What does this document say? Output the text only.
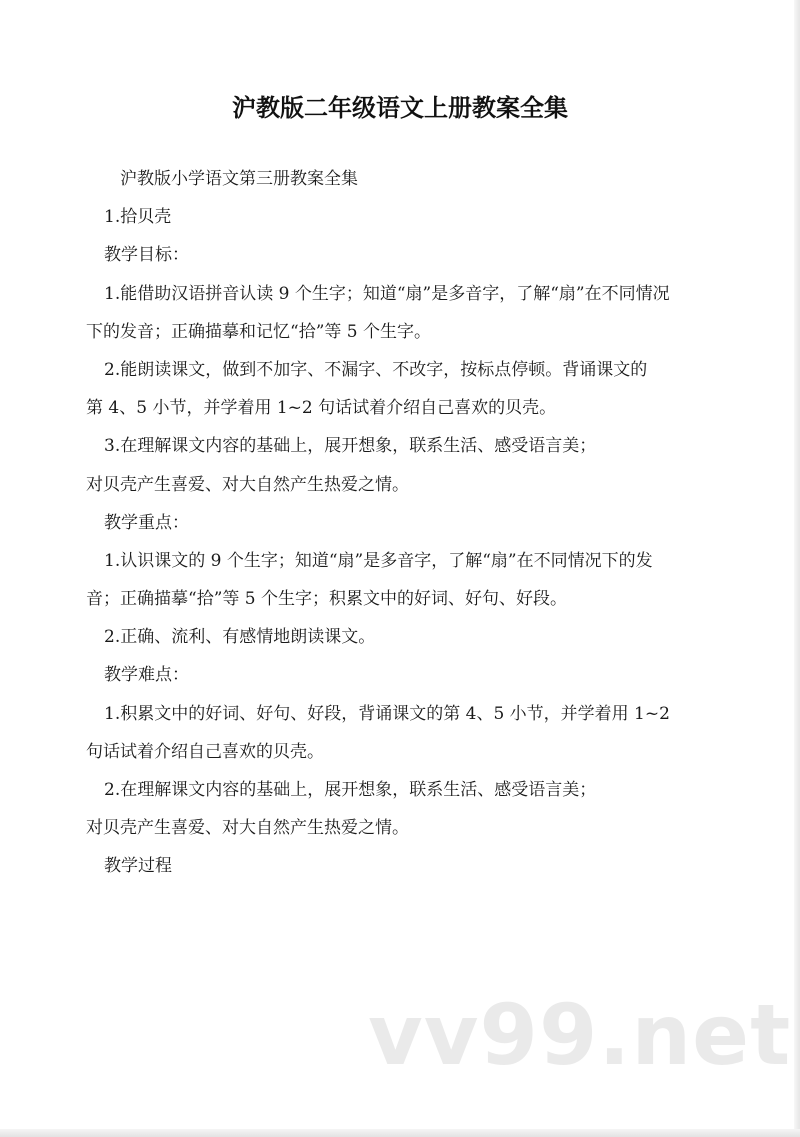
沪教版二年级语文上册教案全集
沪教版小学语文第三册教案全集
1.拾贝壳
教学目标：
1.能借助汉语拼音认读 9 个生字；知道“扇”是多音字，了解“扇”在不同情况
下的发音；正确描摹和记忆“拾”等 5 个生字。
2.能朗读课文，做到不加字、不漏字、不改字，按标点停顿。背诵课文的
第 4、5 小节，并学着用 1~2 句话试着介绍自己喜欢的贝壳。
3.在理解课文内容的基础上，展开想象，联系生活、感受语言美；
对贝壳产生喜爱、对大自然产生热爱之情。
教学重点：
1.认识课文的 9 个生字；知道“扇”是多音字，了解“扇”在不同情况下的发
音；正确描摹“拾”等 5 个生字；积累文中的好词、好句、好段。
2.正确、流利、有感情地朗读课文。
教学难点：
1.积累文中的好词、好句、好段，背诵课文的第 4、5 小节，并学着用 1~2
句话试着介绍自己喜欢的贝壳。
2.在理解课文内容的基础上，展开想象，联系生活、感受语言美；
对贝壳产生喜爱、对大自然产生热爱之情。
教学过程
vv99.net
